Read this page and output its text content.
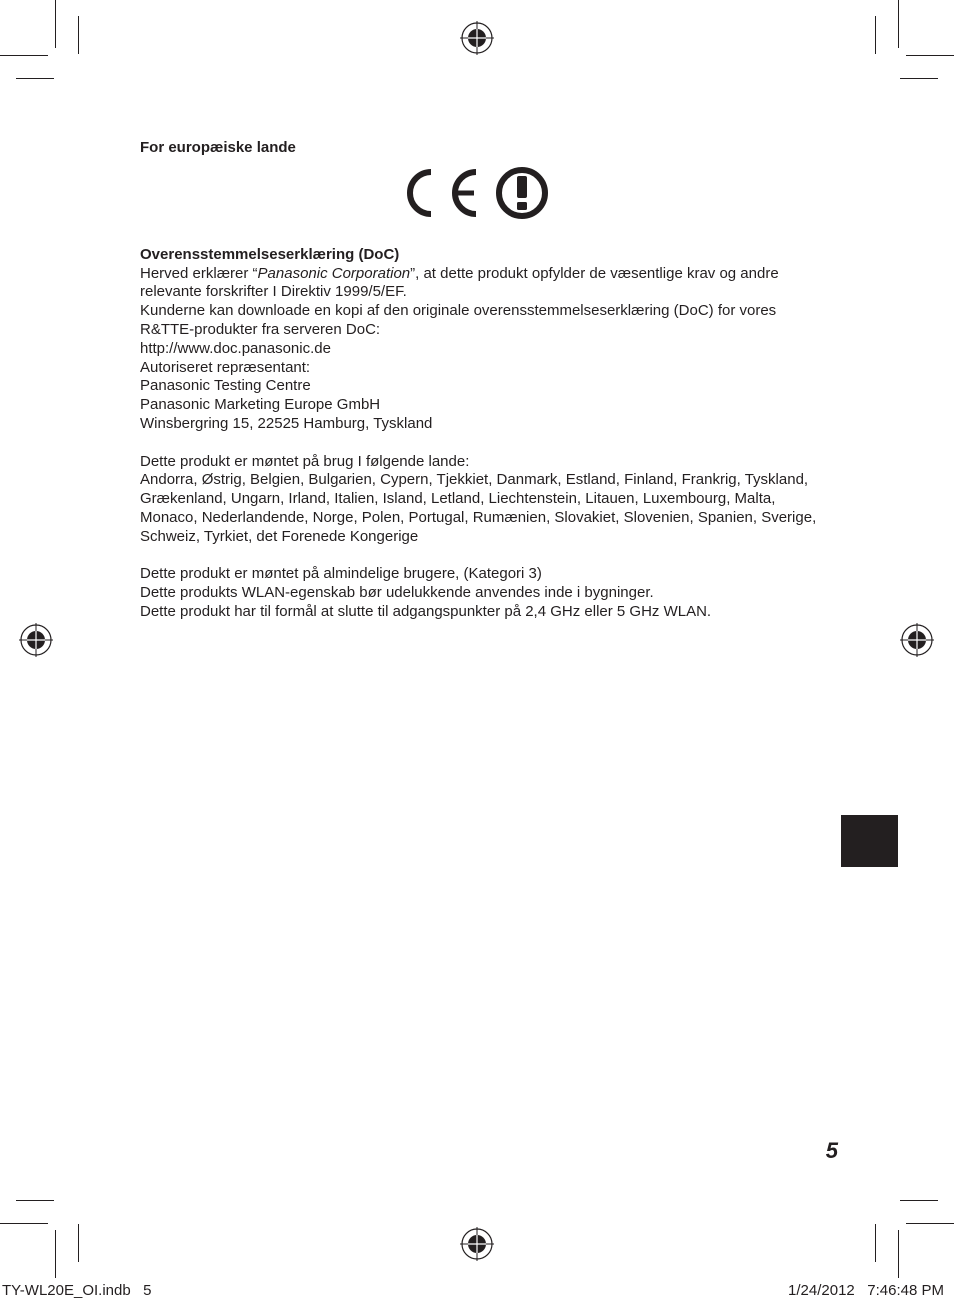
For europæiske lande

Overensstemmelseserklæring (DoC)

Herved erklærer “Panasonic Corporation”, at dette produkt opfylder de væsentlige krav og andre relevante forskrifter I Direktiv 1999/5/EF.

Kunderne kan downloade en kopi af den originale overensstemmelseserklæring (DoC) for vores R&TTE-produkter fra serveren DoC:

http://www.doc.panasonic.de

Autoriseret repræsentant:

Panasonic Testing Centre

Panasonic Marketing Europe GmbH

Winsbergring 15, 22525 Hamburg, Tyskland

Dette produkt er møntet på brug I følgende lande:

Andorra, Østrig, Belgien, Bulgarien, Cypern, Tjekkiet, Danmark, Estland, Finland, Frankrig, Tyskland, Grækenland, Ungarn, Irland, Italien, Island, Letland, Liechtenstein, Litauen, Luxembourg, Malta, Monaco, Nederlandende, Norge, Polen, Portugal, Rumænien, Slovakiet, Slovenien, Spanien, Sverige, Schweiz, Tyrkiet, det Forenede Kongerige

Dette produkt er møntet på almindelige brugere, (Kategori 3)

Dette produkts WLAN-egenskab bør udelukkende anvendes inde i bygninger.

Dette produkt har til formål at slutte til adgangspunkter på 2,4 GHz eller 5 GHz WLAN.

5
TY-WL20E_OI.indb   5	1/24/2012   7:46:48 PM
